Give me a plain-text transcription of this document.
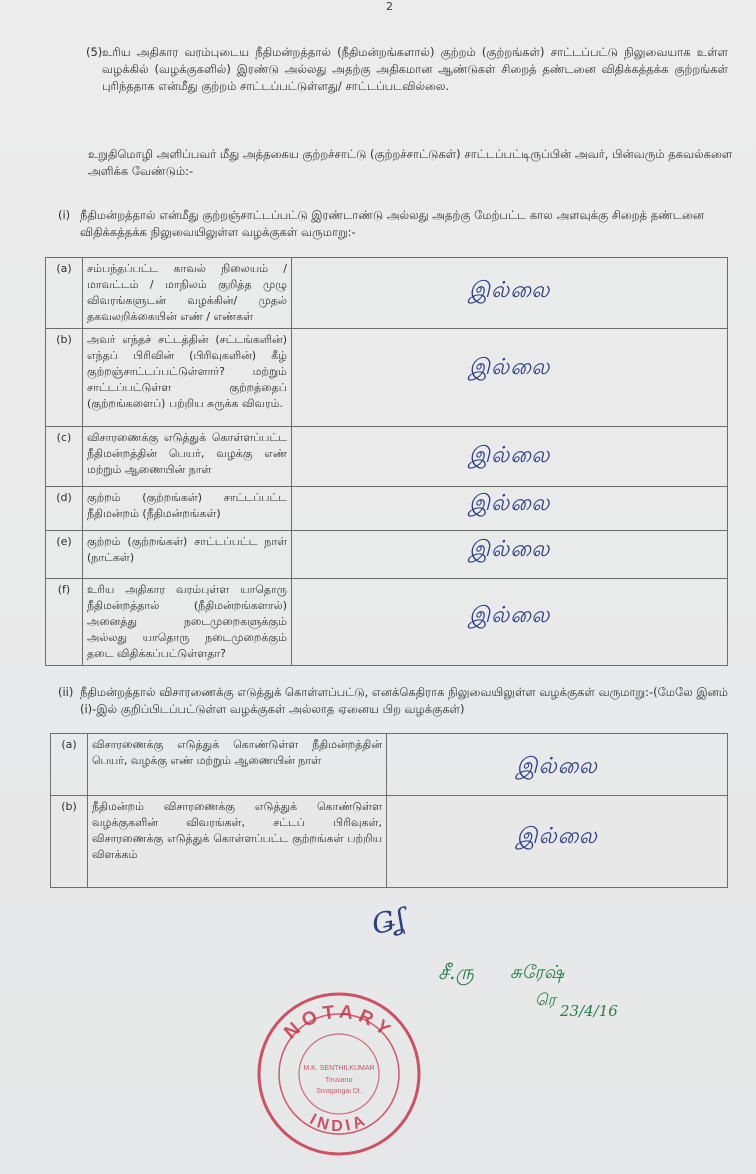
2
(5) உரிய அதிகார வரம்புடைய நீதிமன்றத்தால் (நீதிமன்றங்களால்) குற்றம் (குற்றங்கள்) சாட்டப்பட்டு நிலுவையாக உள்ள வழக்கில் (வழக்குகளில்) இரண்டு அல்லது அதற்கு அதிகமான ஆண்டுகள் சிறைத் தண்டனை விதிக்கத்தக்க குற்றங்கள் புரிந்ததாக என்மீது குற்றம் சாட்டப்பட்டுள்ளது/ சாட்டப்படவில்லை.
உறுதிமொழி அளிப்பவர் மீது அத்தகைய குற்றச்சாட்டு (குற்றச்சாட்டுகள்) சாட்டப்பட்டிருப்பின் அவர், பின்வரும் தகவல்களை அளிக்க வேண்டும்:-
(i) நீதிமன்றத்தால் என்மீது குற்றஞ்சாட்டப்பட்டு இரண்டாண்டு அல்லது அதற்கு மேற்பட்ட கால அளவுக்கு சிறைத் தண்டனை விதிக்கத்தக்க நிலுவையிலுள்ள வழக்குகள் வருமாறு:-
(a)	சம்பந்தப்பட்ட காவல் நிலையம் / மாவட்டம் / மாநிலம் குறித்த முழு விவரங்களுடன் வழக்கின்/ முதல் தகவலறிக்கையின் எண் / எண்கள்	இல்லை

(b)	அவர் எந்தச் சட்டத்தின் (சட்டங்களின்) எந்தப் பிரிவின் (பிரிவுகளின்) கீழ் குற்றஞ்சாட்டப்பட்டுள்ளார்? மற்றும் சாட்டப்பட்டுள்ள குற்றத்தைப் (குற்றங்களைப்) பற்றிய சுருக்க விவரம்.	இல்லை

(c)	விசாரணைக்கு எடுத்துக் கொள்ளப்பட்ட நீதிமன்றத்தின் பெயர், வழக்கு எண் மற்றும் ஆணையின் நாள்	இல்லை

(d)	குற்றம் (குற்றங்கள்) சாட்டப்பட்ட நீதிமன்றம் (நீதிமன்றங்கள்)	இல்லை

(e)	குற்றம் (குற்றங்கள்) சாட்டப்பட்ட நாள் (நாட்கள்)	இல்லை

(f)	உரிய அதிகார வரம்புள்ள யாதொரு நீதிமன்றத்தால் (நீதிமன்றங்களால்) அனைத்து நடைமுறைகளுக்கும் அல்லது யாதொரு நடைமுறைக்கும் தடை விதிக்கப்பட்டுள்ளதா?	இல்லை
(ii) நீதிமன்றத்தால் விசாரணைக்கு எடுத்துக் கொள்ளப்பட்டு, எனக்கெதிராக நிலுவையிலுள்ள வழக்குகள் வருமாறு:-(மேலே இனம் (i)-இல் குறிப்பிடப்பட்டுள்ள வழக்குகள் அல்லாத ஏனைய பிற வழக்குகள்)
(a)	விசாரணைக்கு எடுத்துக் கொண்டுள்ள நீதிமன்றத்தின் பெயர், வழக்கு எண் மற்றும் ஆணையின் நாள்	இல்லை

(b)	நீதிமன்றம் விசாரணைக்கு எடுத்துக் கொண்டுள்ள வழக்குகளின் விவரங்கள், சட்டப் பிரிவுகள், விசாரணைக்கு எடுத்துக் கொள்ளப்பட்ட குற்றங்கள் பற்றிய விளக்கம்	இல்லை
Ǥʆ
சீ.ரு சுரேஷ்
ரெ
23/4/16
NOTARY
INDIA
M.K. SENTHILKUMAR
Tiruvarur
Sivagangai Dt.
